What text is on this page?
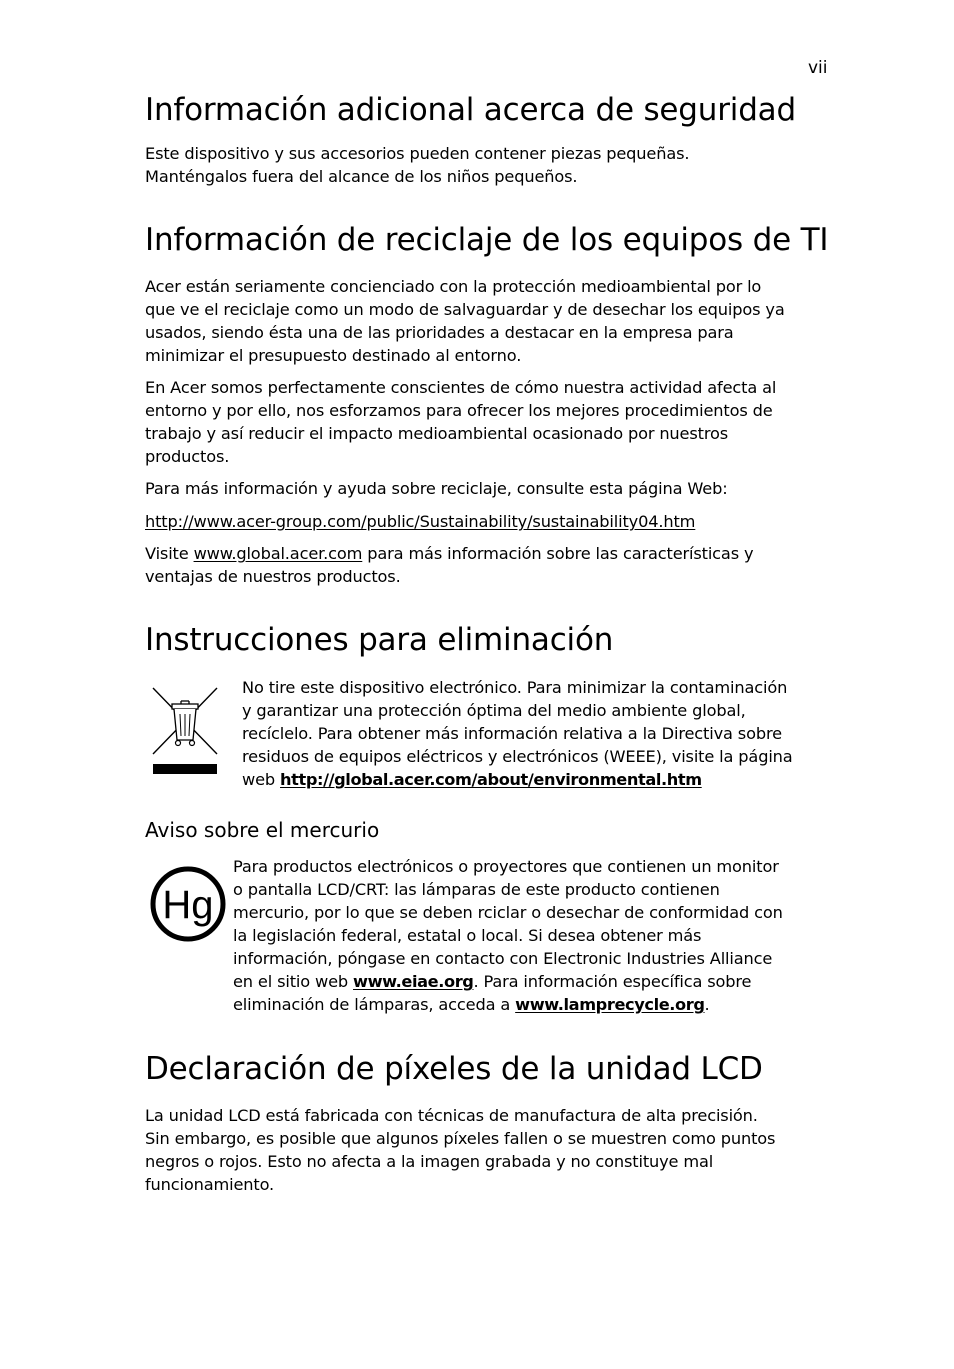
vii
Información adicional acerca de seguridad
Este dispositivo y sus accesorios pueden contener piezas pequeñas.
Manténgalos fuera del alcance de los niños pequeños.
Información de reciclaje de los equipos de TI
Acer están seriamente concienciado con la protección medioambiental por lo
que ve el reciclaje como un modo de salvaguardar y de desechar los equipos ya
usados, siendo ésta una de las prioridades a destacar en la empresa para
minimizar el presupuesto destinado al entorno.
En Acer somos perfectamente conscientes de cómo nuestra actividad afecta al
entorno y por ello, nos esforzamos para ofrecer los mejores procedimientos de
trabajo y así reducir el impacto medioambiental ocasionado por nuestros
productos.
Para más información y ayuda sobre reciclaje, consulte esta página Web:
http://www.acer-group.com/public/Sustainability/sustainability04.htm
Visite www.global.acer.com para más información sobre las características y
ventajas de nuestros productos.
Instrucciones para eliminación
No tire este dispositivo electrónico. Para minimizar la contaminación
y garantizar una protección óptima del medio ambiente global,
recíclelo. Para obtener más información relativa a la Directiva sobre
residuos de equipos eléctricos y electrónicos (WEEE), visite la página
web http://global.acer.com/about/environmental.htm
Aviso sobre el mercurio
Hg
Para productos electrónicos o proyectores que contienen un monitor
o pantalla LCD/CRT: las lámparas de este producto contienen
mercurio, por lo que se deben rciclar o desechar de conformidad con
la legislación federal, estatal o local. Si desea obtener más
información, póngase en contacto con Electronic Industries Alliance
en el sitio web www.eiae.org. Para información específica sobre
eliminación de lámparas, acceda a www.lamprecycle.org.
Declaración de píxeles de la unidad LCD
La unidad LCD está fabricada con técnicas de manufactura de alta precisión.
Sin embargo, es posible que algunos píxeles fallen o se muestren como puntos
negros o rojos. Esto no afecta a la imagen grabada y no constituye mal
funcionamiento.
